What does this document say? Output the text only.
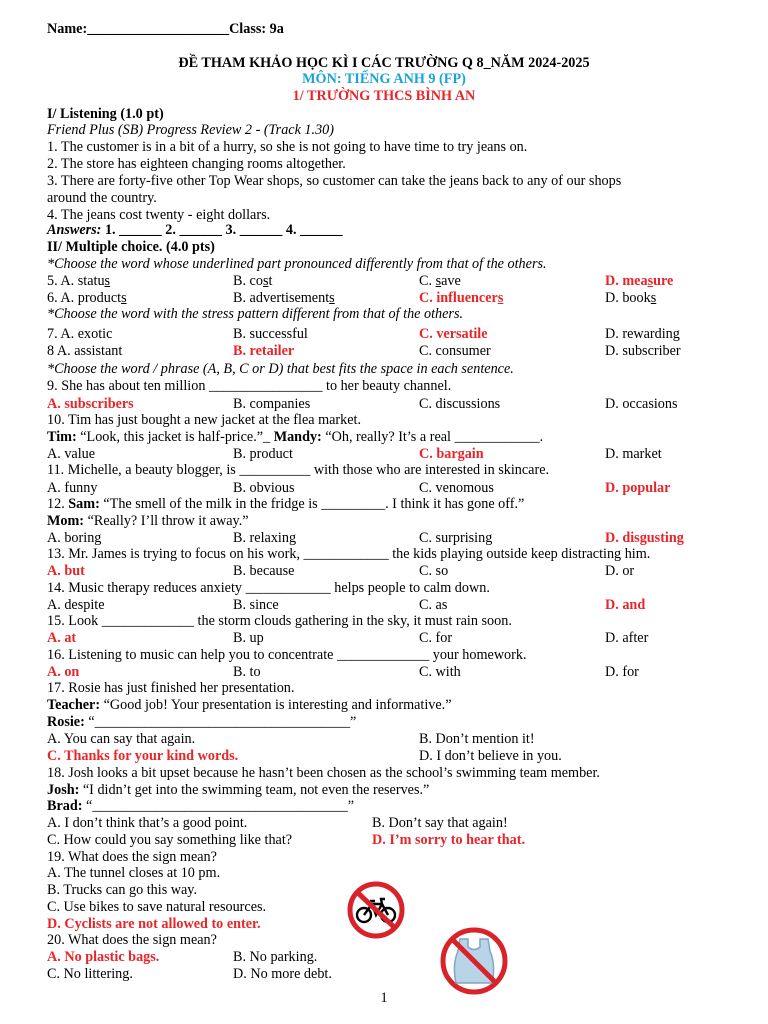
Name:____________________Class: 9a
ĐỀ THAM KHẢO HỌC KÌ I CÁC TRƯỜNG Q 8_NĂM 2024-2025
MÔN: TIẾNG ANH 9 (FP)
1/ TRƯỜNG THCS BÌNH AN
I/ Listening (1.0 pt)
Friend Plus (SB) Progress Review 2 - (Track 1.30)
1. The customer is in a bit of a hurry, so she is not going to have time to try jeans on.
2. The store has eighteen changing rooms altogether.
3. There are forty-five other Top Wear shops, so customer can take the jeans back to any of our shops
around the country.
4. The jeans cost twenty - eight dollars.
Answers: 1. ______ 2. ______ 3. ______ 4. ______
II/ Multiple choice. (4.0 pts)
*Choose the word whose underlined part pronounced differently from that of the others.
5. A. status	B. cost	C. save	D. measure
6. A. products	B. advertisements	C. influencers	D. books
*Choose the word with the stress pattern different from that of the others.
7. A. exotic	B. successful	C. versatile	D. rewarding
8 A. assistant	B. retailer	C. consumer	D. subscriber
*Choose the word / phrase (A, B, C or D) that best fits the space in each sentence.
9. She has about ten million ________________ to her beauty channel.
A. subscribers	B. companies	C. discussions	D. occasions
10. Tim has just bought a new jacket at the flea market.
Tim: “Look, this jacket is half-price.”_ Mandy: “Oh, really? It’s a real ____________.
A. value	B. product	C. bargain	D. market
11. Michelle, a beauty blogger, is __________ with those who are interested in skincare.
A. funny	B. obvious	C. venomous	D. popular
12. Sam: “The smell of the milk in the fridge is _________. I think it has gone off.”
Mom: “Really? I’ll throw it away.”
A. boring	B. relaxing	C. surprising	D. disgusting
13. Mr. James is trying to focus on his work, ____________ the kids playing outside keep distracting him.
A. but	B. because	C. so	D. or
14. Music therapy reduces anxiety ____________ helps people to calm down.
A. despite	B. since	C. as	D. and
15. Look _____________ the storm clouds gathering in the sky, it must rain soon.
A. at	B. up	C. for	D. after
16. Listening to music can help you to concentrate _____________ your homework.
A. on	B. to	C. with	D. for
17. Rosie has just finished her presentation.
Teacher: “Good job! Your presentation is interesting and informative.”
Rosie: “____________________________________”
A. You can say that again.	B. Don’t mention it!
C. Thanks for your kind words.	D. I don’t believe in you.
18. Josh looks a bit upset because he hasn’t been chosen as the school’s swimming team member.
Josh: “I didn’t get into the swimming team, not even the reserves.”
Brad: “____________________________________”
A. I don’t think that’s a good point.	B. Don’t say that again!
C. How could you say something like that?	D. I’m sorry to hear that.
19. What does the sign mean?
A. The tunnel closes at 10 pm.
B. Trucks can go this way.
C. Use bikes to save natural resources.
D. Cyclists are not allowed to enter.
20. What does the sign mean?
A. No plastic bags.	B. No parking.
C. No littering.	D. No more debt.
1
